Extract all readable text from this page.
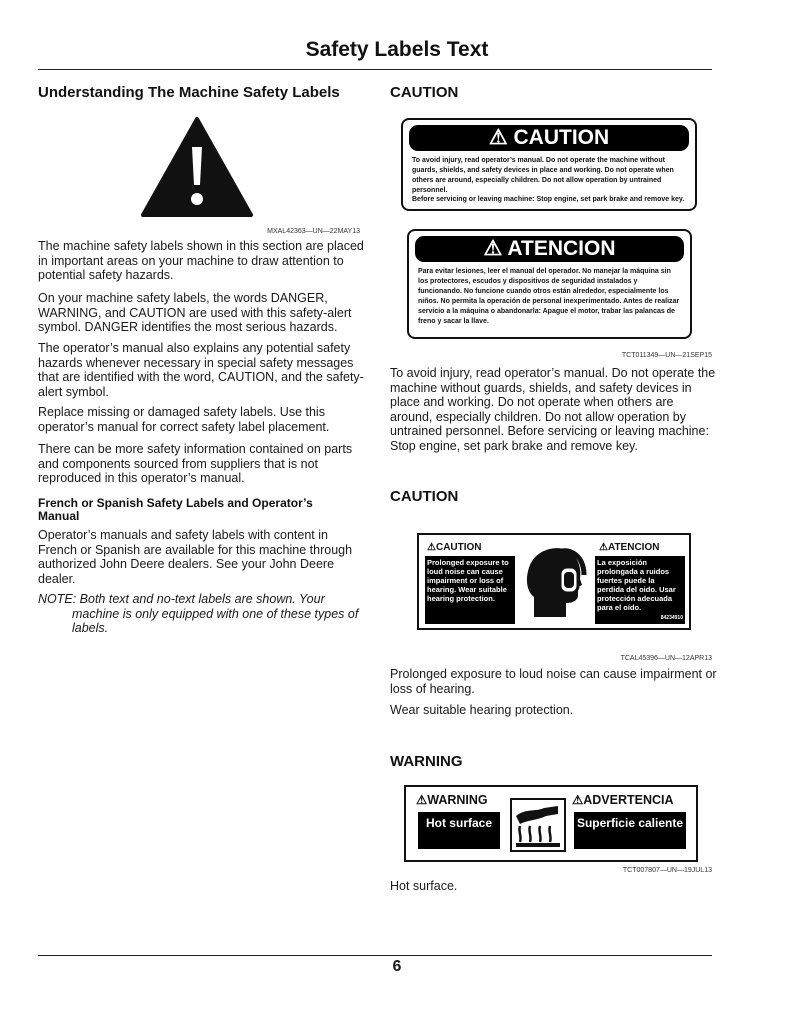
Safety Labels Text
Understanding The Machine Safety Labels
MXAL42363—UN—22MAY13

The machine safety labels shown in this section are placed in important areas on your machine to draw attention to potential safety hazards.

On your machine safety labels, the words DANGER, WARNING, and CAUTION are used with this safety-alert symbol. DANGER identifies the most serious hazards.

The operator’s manual also explains any potential safety hazards whenever necessary in special safety messages that are identified with the word, CAUTION, and the safety-alert symbol.

Replace missing or damaged safety labels. Use this operator’s manual for correct safety label placement.

There can be more safety information contained on parts and components sourced from suppliers that is not reproduced in this operator’s manual.

French or Spanish Safety Labels and Operator’s Manual

Operator’s manuals and safety labels with content in French or Spanish are available for this machine through authorized John Deere dealers. See your John Deere dealer.

NOTE: Both text and no-text labels are shown. Your
machine is only equipped with one of these types of labels.

CAUTION
⚠ CAUTION
To avoid injury, read operator’s manual. Do not operate the machine without guards, shields, and safety devices in place and working. Do not operate when others are around, especially children. Do not allow operation by untrained personnel.
Before servicing or leaving machine: Stop engine, set park brake and remove key.
⚠ ATENCION
Para evitar lesiones, leer el manual del operador. No manejar la máquina sin los protectores, escudos y dispositivos de seguridad instalados y funcionando. No funcione cuando otros están alrededor, especialmente los niños. No permita la operación de personal inexperimentado. Antes de realizar servicio a la máquina o abandonarla: Apague el motor, trabar las palancas de freno y sacar la llave.
TCT011349—UN—21SEP15

To avoid injury, read operator’s manual. Do not operate the machine without guards, shields, and safety devices in place and working. Do not operate when others are around, especially children. Do not allow operation by untrained personnel. Before servicing or leaving machine: Stop engine, set park brake and remove key.

CAUTION
⚠CAUTION
Prolonged exposure to loud noise can cause impairment or loss of hearing. Wear suitable hearing protection.
⚠ATENCION
La exposición prolongada a ruidos fuertes puede la perdida del oido. Usar protección adecuada para el oído.
84234910
TCAL45396—UN—12APR13

Prolonged exposure to loud noise can cause impairment or loss of hearing.

Wear suitable hearing protection.

WARNING
⚠WARNING
Hot surface
⚠ADVERTENCIA
Superficie caliente
TCT007807—UN—19JUL13

Hot surface.

6
